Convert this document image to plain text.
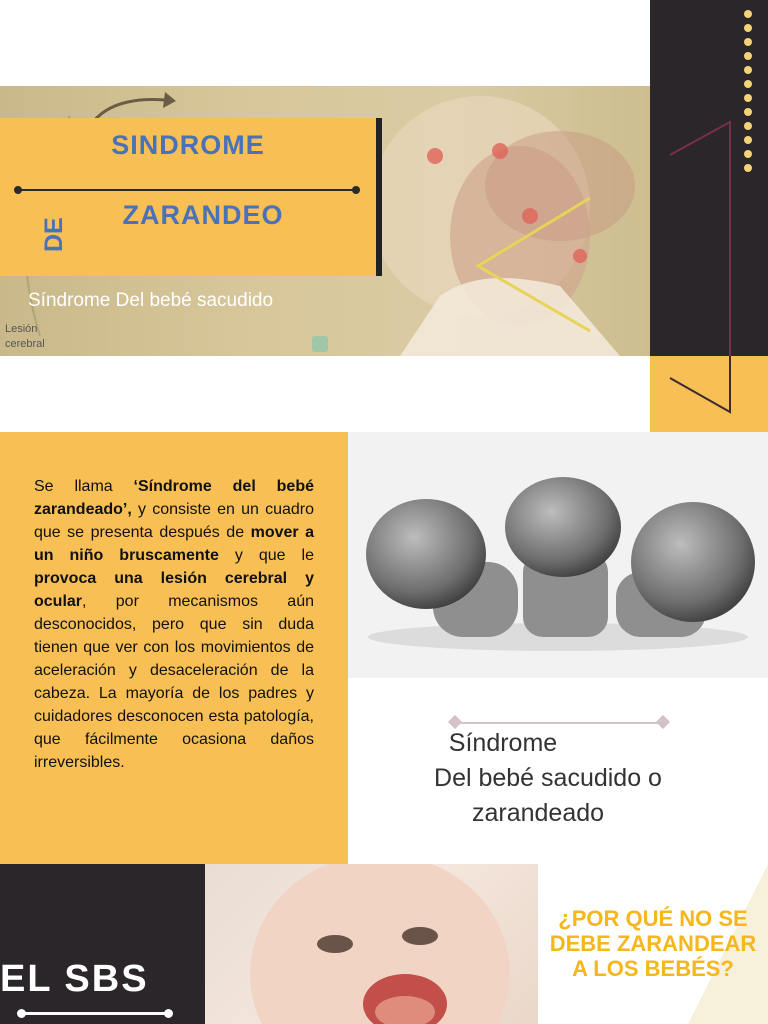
Lesión
cerebral
SINDROME
ZARANDEO
DE
Síndrome Del bebé sacudido
Se llama ‘Síndrome del bebé zarandeado’, y consiste en un cuadro que se presenta después de mover a un niño bruscamente y que le provoca una lesión cerebral y ocular, por mecanismos aún desconocidos, pero que sin duda tienen que ver con los movimientos de aceleración y desaceleración de la cabeza. La mayoría de los padres y cuidadores desconocen esta patología, que fácilmente ocasiona daños irreversibles.
Síndrome
Del bebé sacudido o
zarandeado
EL SBS
¿POR QUÉ NO SE DEBE ZARANDEAR A LOS BEBÉS?
